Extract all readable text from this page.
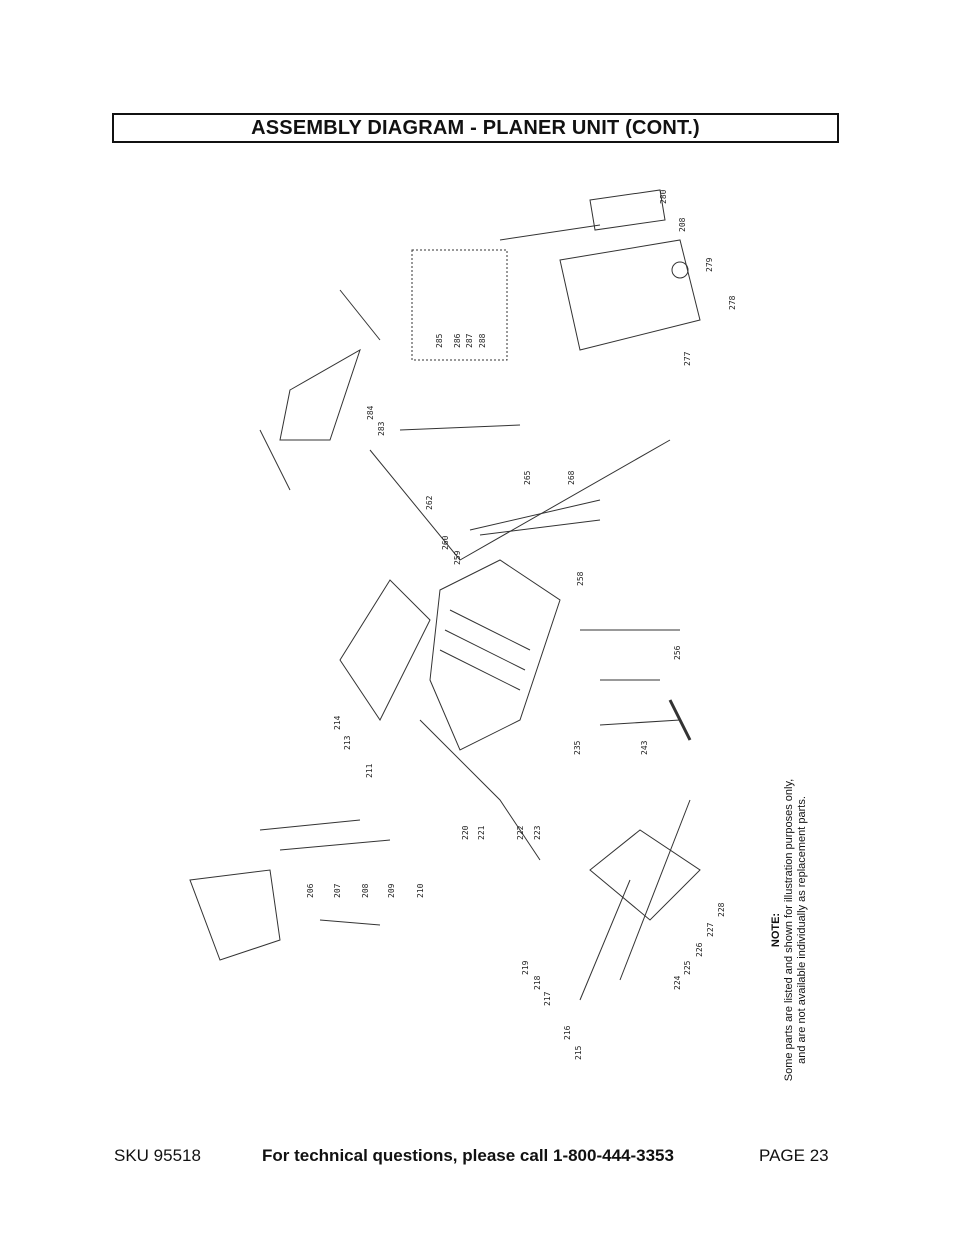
ASSEMBLY DIAGRAM - PLANER UNIT (CONT.)
280
208
279
278
277
285 286 287 288
284
283
265	268
262
260
259
258
214
213
211
220 221	222 223
206 207 208 209	210
219
218
217
216
215
224
225
226
227
228
235	243
256
NOTE: Some parts are listed and shown for illustration purposes only,
and are not available individually as replacement parts.
SKU 95518	For technical questions, please call 1-800-444-3353	PAGE 23
